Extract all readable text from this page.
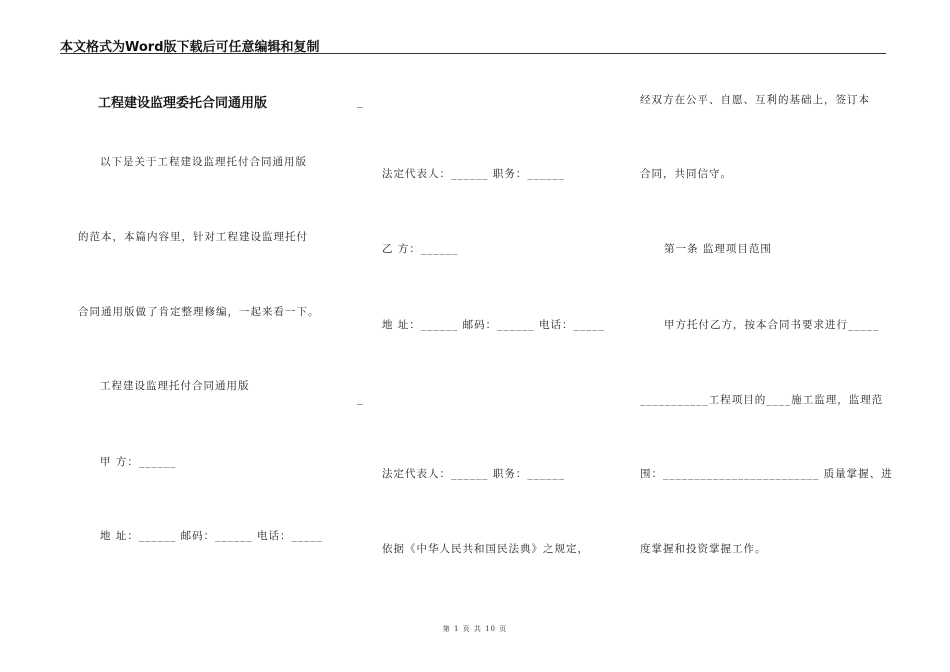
本文格式为Word版下载后可任意编辑和复制
工程建设监理委托合同通用版
以下是关于工程建设监理托付合同通用版
的范本，本篇内容里，针对工程建设监理托付
合同通用版做了肯定整理修编，一起来看一下。
工程建设监理托付合同通用版
甲 方：______
地 址：______ 邮码：______ 电话：_____
_
法定代表人：______ 职务：______
乙 方：______
地 址：______ 邮码：______ 电话：_____
_
法定代表人：______ 职务：______
依据《中华人民共和国民法典》之规定，
经双方在公平、自愿、互利的基础上，签订本
合同，共同信守。
第一条 监理项目范围
甲方托付乙方，按本合同书要求进行_____
___________工程项目的____施工监理，监理范
围：_________________________ 质量掌握、进
度掌握和投资掌握工作。
第 1 页 共 10 页
